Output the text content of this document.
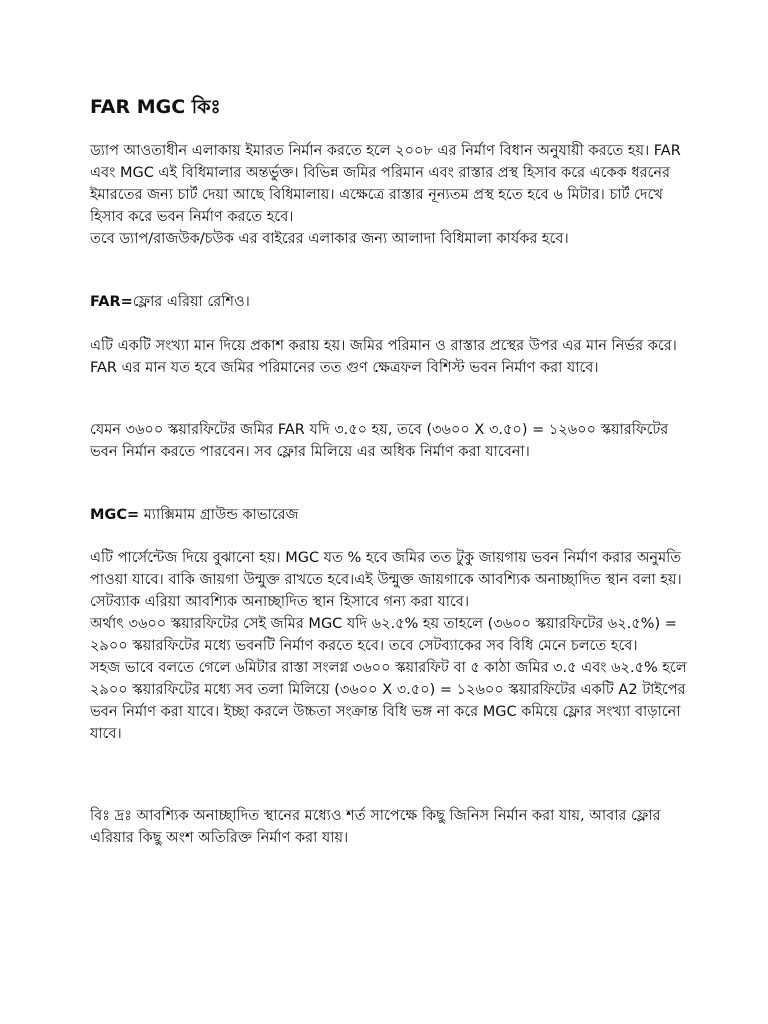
FAR MGC কিঃ

ড্যাপ আওতাধীন এলাকায় ইমারত নির্মান করতে হলে ২০০৮ এর নির্মাণ বিধান অনুযায়ী করতে হয়। FAR এবং MGC এই বিধিমালার অন্তর্ভুক্ত। বিভিন্ন জমির পরিমান এবং রাস্তার প্রস্থ হিসাব করে একেক ধরনের ইমারতের জন্য চার্ট দেয়া আছে বিধিমালায়। এক্ষেত্রে রাস্তার নূন্যতম প্রস্থ হতে হবে ৬ মিটার। চার্ট দেখে হিসাব করে ভবন নির্মাণ করতে হবে।

তবে ড্যাপ/রাজউক/চউক এর বাইরের এলাকার জন্য আলাদা বিধিমালা কার্যকর হবে।

FAR=ফ্লোর এরিয়া রেশিও।

এটি একটি সংখ্যা মান দিয়ে প্রকাশ করায় হয়। জমির পরিমান ও রাস্তার প্রস্থের উপর এর মান নির্ভর করে। FAR এর মান যত হবে জমির পরিমানের তত গুণ ক্ষেত্রফল বিশিস্ট ভবন নির্মাণ করা যাবে।
যেমন ৩৬০০ স্কয়ারফিটের জমির FAR যদি ৩.৫০ হয়, তবে (৩৬০০ X ৩.৫০) = ১২৬০০ স্কয়ারফিটের ভবন নির্মান করতে পারবেন। সব ফ্লোর মিলিয়ে এর অধিক নির্মাণ করা যাবেনা।

MGC= ম্যাক্সিমাম গ্রাউন্ড কাভারেজ

এটি পার্সেন্টেজ দিয়ে বুঝানো হয়। MGC যত % হবে জমির তত টুকু জায়গায় ভবন নির্মাণ করার অনুমতি পাওয়া যাবে। বাকি জায়গা উন্মুক্ত রাখতে হবে।এই উন্মুক্ত জায়গাকে আবশ্যিক অনাচ্ছাদিত স্থান বলা হয়। সেটব্যাক এরিয়া আবশ্যিক অনাচ্ছাদিত স্থান হিসাবে গন্য করা যাবে।

অর্থাৎ ৩৬০০ স্কয়ারফিটের সেই জমির MGC যদি ৬২.৫% হয় তাহলে (৩৬০০ স্কয়ারফিটের ৬২.৫%) = ২৯০০ স্কয়ারফিটের মধ্যে ভবনটি নির্মাণ করতে হবে। তবে সেটব্যাকের সব বিধি মেনে চলতে হবে।

সহজ ভাবে বলতে গেলে ৬মিটার রাস্তা সংলগ্ন ৩৬০০ স্কয়ারফিট বা ৫ কাঠা জমির ৩.৫ এবং ৬২.৫% হলে ২৯০০ স্কয়ারফিটের মধ্যে সব তলা মিলিয়ে (৩৬০০ X ৩.৫০) = ১২৬০০ স্কয়ারফিটের একটি A2 টাইপের ভবন নির্মাণ করা যাবে। ইচ্ছা করলে উচ্চতা সংক্রান্ত বিধি ভঙ্গ না করে MGC কমিয়ে ফ্লোর সংখ্যা বাড়ানো যাবে।

বিঃ দ্রঃ আবশ্যিক অনাচ্ছাদিত স্থানের মধ্যেও শর্ত সাপেক্ষে কিছু জিনিস নির্মান করা যায়, আবার ফ্লোর এরিয়ার কিছু অংশ অতিরিক্ত নির্মাণ করা যায়।
